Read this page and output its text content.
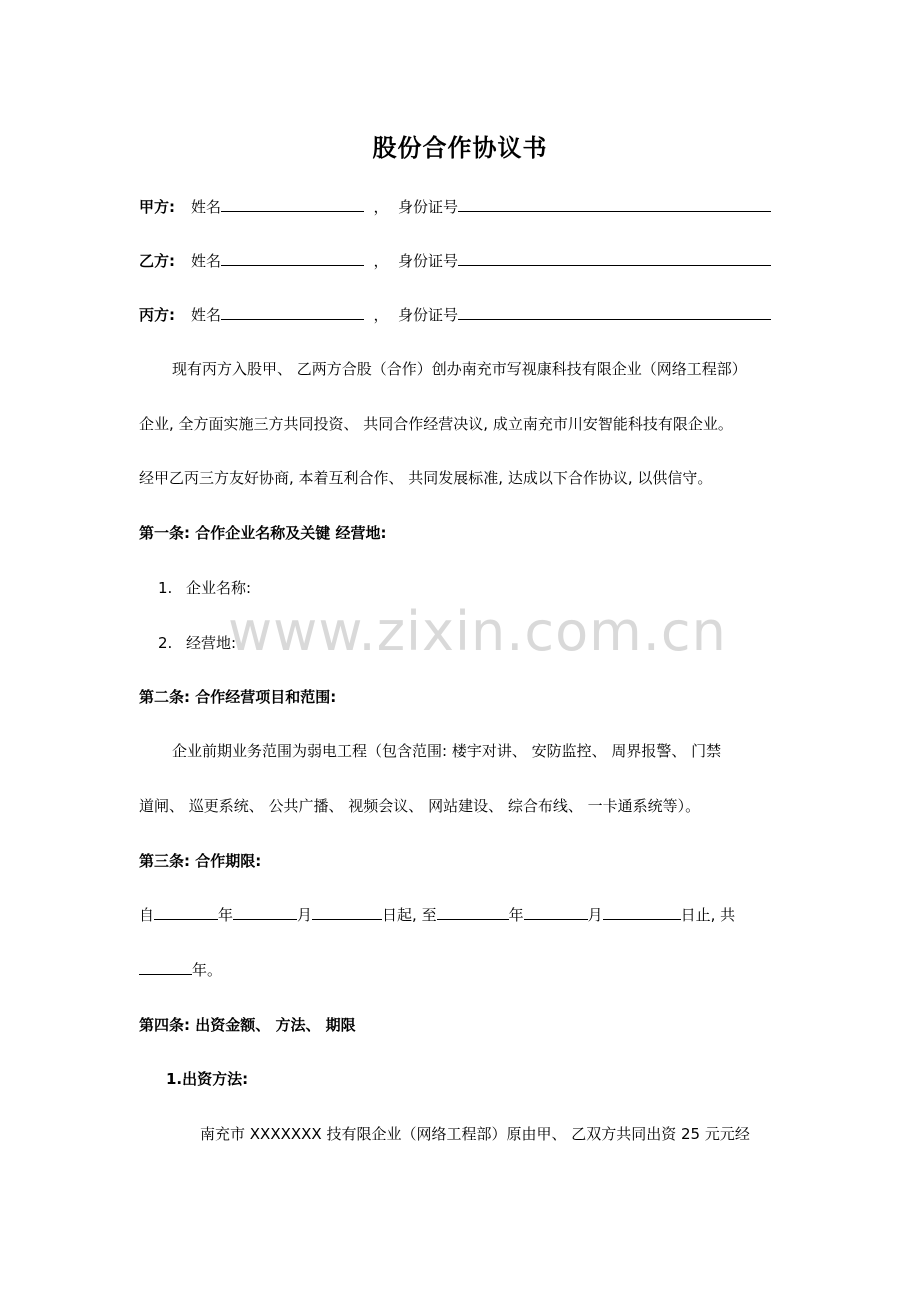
股份合作协议书
甲方: 姓名	， 身份证号
乙方: 姓名	， 身份证号
丙方: 姓名	， 身份证号
现有丙方入股甲、 乙两方合股（合作）创办南充市写视康科技有限企业（网络工程部）
企业, 全方面实施三方共同投资、 共同合作经营决议, 成立南充市川安智能科技有限企业。
经甲乙丙三方友好协商, 本着互利合作、 共同发展标准, 达成以下合作协议, 以供信守。
第一条: 合作企业名称及关键 经营地:
1. 企业名称:
2. 经营地:
www.zixin.com.cn
第二条: 合作经营项目和范围:
企业前期业务范围为弱电工程（包含范围: 楼宇对讲、 安防监控、 周界报警、 门禁
道闸、 巡更系统、 公共广播、 视频会议、 网站建设、 综合布线、 一卡通系统等）。
第三条: 合作期限:
自	年	月	日起, 至	年	月	日止, 共
年。
第四条: 出资金额、 方法、 期限
1.出资方法:
南充市 XXXXXXX 技有限企业（网络工程部）原由甲、 乙双方共同出资 25 元元经
